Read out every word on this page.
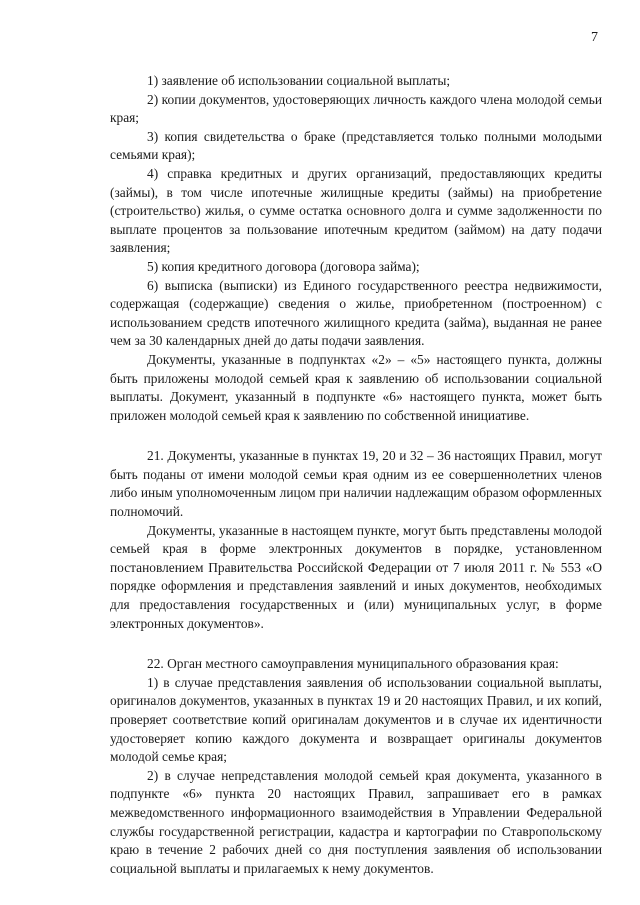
7

1) заявление об использовании социальной выплаты;

2) копии документов, удостоверяющих личность каждого члена молодой семьи края;

3) копия свидетельства о браке (представляется только полными молодыми семьями края);

4) справка кредитных и других организаций, предоставляющих кредиты (займы), в том числе ипотечные жилищные кредиты (займы) на приобретение (строительство) жилья, о сумме остатка основного долга и сумме задолженности по выплате процентов за пользование ипотечным кредитом (займом) на дату подачи заявления;

5) копия кредитного договора (договора займа);

6) выписка (выписки) из Единого государственного реестра недвижимости, содержащая (содержащие) сведения о жилье, приобретенном (построенном) с использованием средств ипотечного жилищного кредита (займа), выданная не ранее чем за 30 календарных дней до даты подачи заявления.

Документы, указанные в подпунктах «2» – «5» настоящего пункта, должны быть приложены молодой семьей края к заявлению об использовании социальной выплаты. Документ, указанный в подпункте «6» настоящего пункта, может быть приложен молодой семьей края к заявлению по собственной инициативе.

21. Документы, указанные в пунктах 19, 20 и 32 – 36 настоящих Правил, могут быть поданы от имени молодой семьи края одним из ее совершеннолетних членов либо иным уполномоченным лицом при наличии надлежащим образом оформленных полномочий.

Документы, указанные в настоящем пункте, могут быть представлены молодой семьей края в форме электронных документов в порядке, установленном постановлением Правительства Российской Федерации от 7 июля 2011 г. № 553 «О порядке оформления и представления заявлений и иных документов, необходимых для предоставления государственных и (или) муниципальных услуг, в форме электронных документов».

22. Орган местного самоуправления муниципального образования края:

1) в случае представления заявления об использовании социальной выплаты, оригиналов документов, указанных в пунктах 19 и 20 настоящих Правил, и их копий, проверяет соответствие копий оригиналам документов и в случае их идентичности удостоверяет копию каждого документа и возвращает оригиналы документов молодой семье края;

2) в случае непредставления молодой семьей края документа, указанного в подпункте «6» пункта 20 настоящих Правил, запрашивает его в рамках межведомственного информационного взаимодействия в Управлении Федеральной службы государственной регистрации, кадастра и картографии по Ставропольскому краю в течение 2 рабочих дней со дня поступления заявления об использовании социальной выплаты и прилагаемых к нему документов.
